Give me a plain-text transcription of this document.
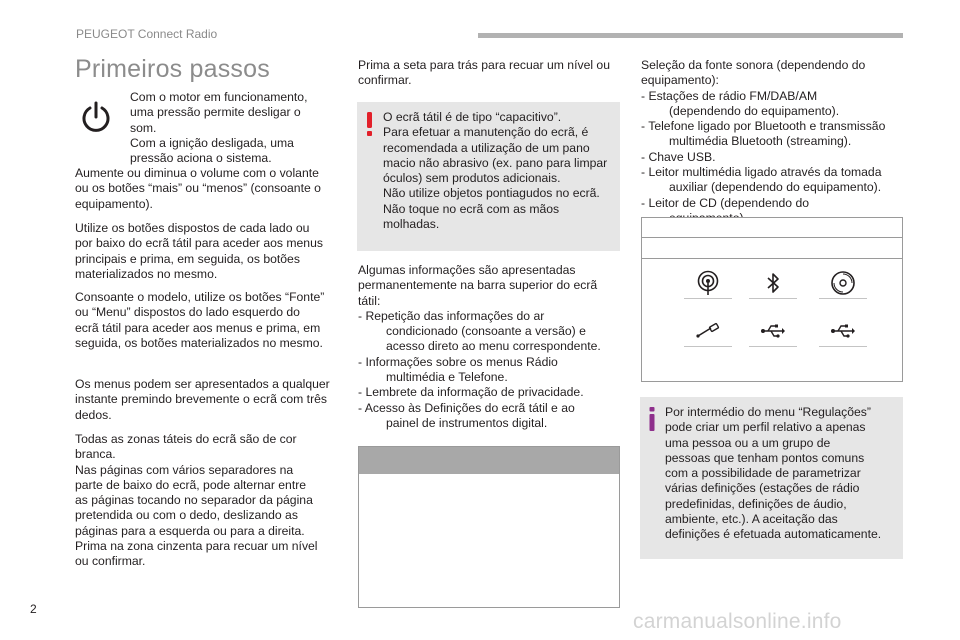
PEUGEOT Connect Radio
Primeiros passos
Com o motor em funcionamento,
uma pressão permite desligar o
som.
Com a ignição desligada, uma
pressão aciona o sistema.
Aumente ou diminua o volume com o volante
ou os botões “mais” ou “menos” (consoante o
equipamento).
Utilize os botões dispostos de cada lado ou
por baixo do ecrã tátil para aceder aos menus
principais e prima, em seguida, os botões
materializados no mesmo.
Consoante o modelo, utilize os botões “Fonte”
ou “Menu” dispostos do lado esquerdo do
ecrã tátil para aceder aos menus e prima, em
seguida, os botões materializados no mesmo.
Os menus podem ser apresentados a qualquer
instante premindo brevemente o ecrã com três
dedos.
Todas as zonas táteis do ecrã são de cor
branca.
Nas páginas com vários separadores na
parte de baixo do ecrã, pode alternar entre
as páginas tocando no separador da página
pretendida ou com o dedo, deslizando as
páginas para a esquerda ou para a direita.
Prima na zona cinzenta para recuar um nível
ou confirmar.
Prima a seta para trás para recuar um nível ou
confirmar.
O ecrã tátil é de tipo “capacitivo”.
Para efetuar a manutenção do ecrã, é
recomendada a utilização de um pano
macio não abrasivo (ex. pano para limpar
óculos) sem produtos adicionais.
Não utilize objetos pontiagudos no ecrã.
Não toque no ecrã com as mãos
molhadas.
Algumas informações são apresentadas
permanentemente na barra superior do ecrã
tátil:
- Repetição das informações do ar
condicionado (consoante a versão) e
acesso direto ao menu correspondente.
- Informações sobre os menus Rádio
multimédia e Telefone.
- Lembrete da informação de privacidade.
- Acesso às Definições do ecrã tátil e ao
painel de instrumentos digital.
Seleção da fonte sonora (dependendo do
equipamento):
- Estações de rádio FM/DAB/AM
(dependendo do equipamento).
- Telefone ligado por Bluetooth e transmissão
multimédia Bluetooth (streaming).
- Chave USB.
- Leitor multimédia ligado através da tomada
auxiliar (dependendo do equipamento).
- Leitor de CD (dependendo do
Por intermédio do menu “Regulações”
pode criar um perfil relativo a apenas
uma pessoa ou a um grupo de
pessoas que tenham pontos comuns
com a possibilidade de parametrizar
várias definições (estações de rádio
predefinidas, definições de áudio,
ambiente, etc.). A aceitação das
definições é efetuada automaticamente.
2
carmanualsonline.info
